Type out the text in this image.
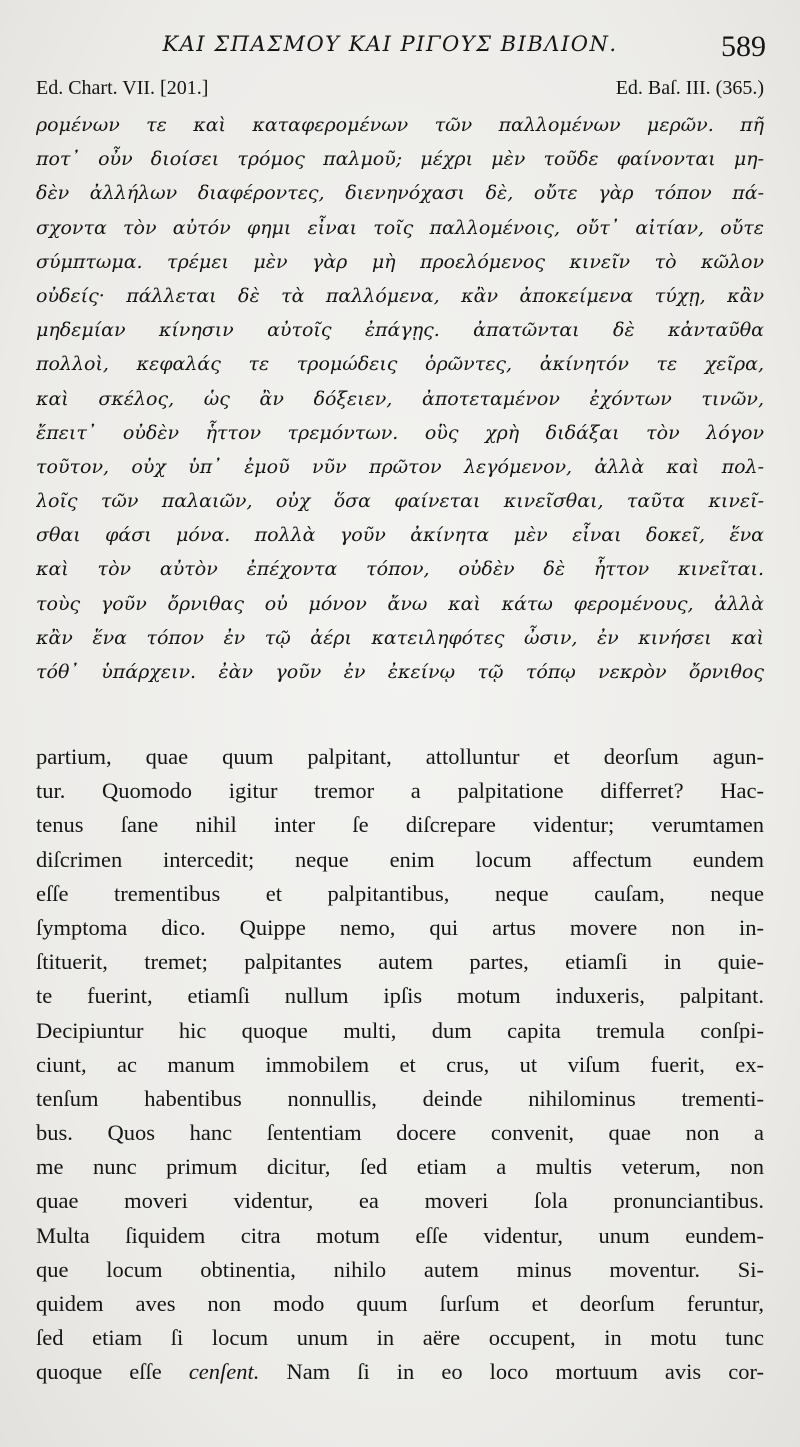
ΚΑΙ ΣΠΑΣΜΟΥ ΚΑΙ ΡΙΓΟΥΣ ΒΙΒΛΙΟΝ.	589
Ed. Chart. VII. [201.]	Ed. Baſ. III. (365.)
ρομένων τε καὶ καταφερομένων τῶν παλλομένων μερῶν. πῆ
ποτ᾽ οὖν διοίσει τρόμος παλμοῦ; μέχρι μὲν τοῦδε φαίνονται μη-
δὲν ἀλλήλων διαφέροντες, διενηνόχασι δὲ, οὔτε γὰρ τόπον πά-
σχοντα τὸν αὐτόν φημι εἶναι τοῖς παλλομένοις, οὔτ᾽ αἰτίαν, οὔτε
σύμπτωμα. τρέμει μὲν γὰρ μὴ προελόμενος κινεῖν τὸ κῶλον
οὐδείς· πάλλεται δὲ τὰ παλλόμενα, κἂν ἀποκείμενα τύχῃ, κἂν
μηδεμίαν κίνησιν αὐτοῖς ἐπάγῃς. ἀπατῶνται δὲ κἀνταῦθα
πολλοὶ, κεφαλάς τε τρομώδεις ὁρῶντες, ἀκίνητόν τε χεῖρα,
καὶ σκέλος, ὡς ἂν δόξειεν, ἀποτεταμένον ἐχόντων τινῶν,
ἔπειτ᾽ οὐδὲν ἧττον τρεμόντων. οὓς χρὴ διδάξαι τὸν λόγον
τοῦτον, οὐχ ὑπ᾽ ἐμοῦ νῦν πρῶτον λεγόμενον, ἀλλὰ καὶ πολ-
λοῖς τῶν παλαιῶν, οὐχ ὅσα φαίνεται κινεῖσθαι, ταῦτα κινεῖ-
σθαι φάσι μόνα. πολλὰ γοῦν ἀκίνητα μὲν εἶναι δοκεῖ, ἕνα
καὶ τὸν αὐτὸν ἐπέχοντα τόπον, οὐδὲν δὲ ἧττον κινεῖται.
τοὺς γοῦν ὄρνιθας οὐ μόνον ἄνω καὶ κάτω φερομένους, ἀλλὰ
κἂν ἕνα τόπον ἐν τῷ ἀέρι κατειληφότες ὦσιν, ἐν κινήσει καὶ
τόθ᾽ ὑπάρχειν. ἐὰν γοῦν ἐν ἐκείνῳ τῷ τόπῳ νεκρὸν ὄρνιθος
partium, quae quum palpitant, attolluntur et deorſum agun-
tur. Quomodo igitur tremor a palpitatione differret? Hac-
tenus ſane nihil inter ſe diſcrepare videntur; verumtamen
diſcrimen intercedit; neque enim locum affectum eundem
eſſe trementibus et palpitantibus, neque cauſam, neque
ſymptoma dico. Quippe nemo, qui artus movere non in-
ſtituerit, tremet; palpitantes autem partes, etiamſi in quie-
te fuerint, etiamſi nullum ipſis motum induxeris, palpitant.
Decipiuntur hic quoque multi, dum capita tremula conſpi-
ciunt, ac manum immobilem et crus, ut viſum fuerit, ex-
tenſum habentibus nonnullis, deinde nihilominus trementi-
bus. Quos hanc ſententiam docere convenit, quae non a
me nunc primum dicitur, ſed etiam a multis veterum, non
quae moveri videntur, ea moveri ſola pronunciantibus.
Multa ſiquidem citra motum eſſe videntur, unum eundem-
que locum obtinentia, nihilo autem minus moventur. Si-
quidem aves non modo quum ſurſum et deorſum feruntur,
ſed etiam ſi locum unum in aëre occupent, in motu tunc
quoque eſſe cenſent. Nam ſi in eo loco mortuum avis cor-
